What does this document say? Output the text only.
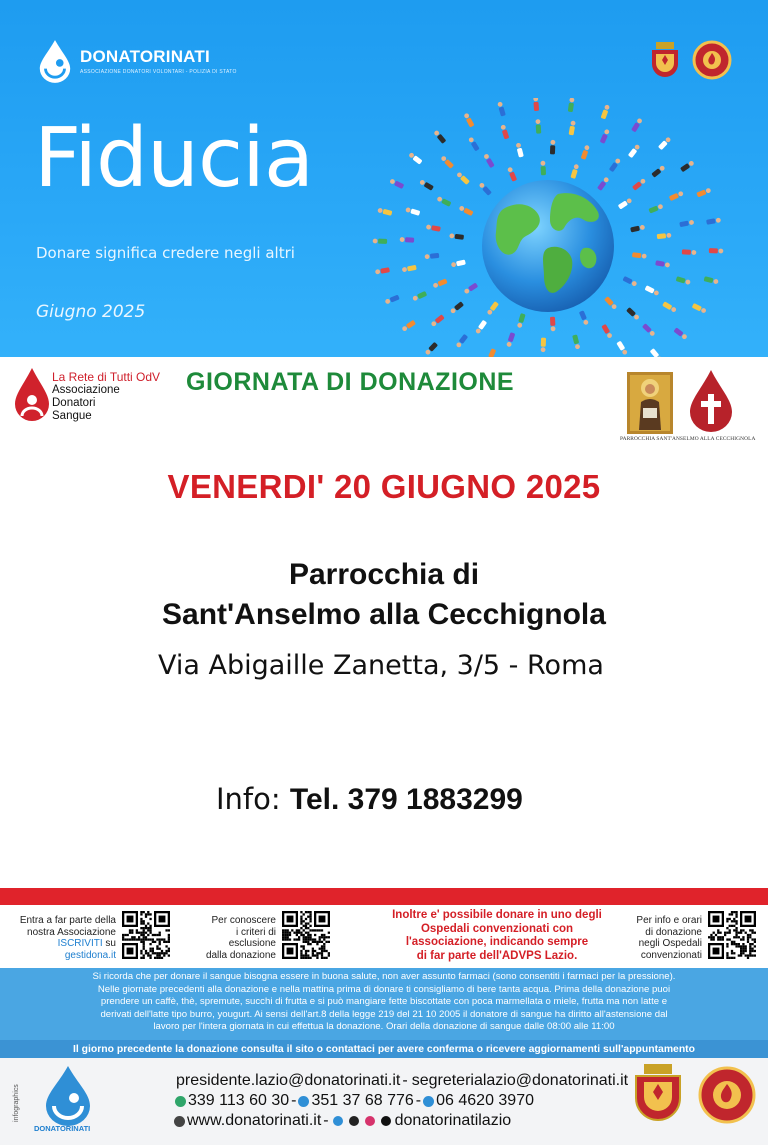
DONATORINATI
ASSOCIAZIONE DONATORI VOLONTARI - POLIZIA DI STATO
Fiducia
Donare significa credere negli altri
Giugno 2025
La Rete di Tutti OdV
Associazione
Donatori
Sangue
GIORNATA DI DONAZIONE
PARROCCHIA SANT'ANSELMO ALLA CECCHIGNOLA
VENERDI' 20 GIUGNO 2025
Parrocchia di
Sant'Anselmo alla Cecchignola
Via Abigaille Zanetta, 3/5 - Roma
Info: Tel. 379 1883299
Entra a far parte della
nostra Associazione
ISCRIVITI su
gestidona.it
Per conoscere
i criteri di
esclusione
dalla donazione
Inoltre e' possibile donare in uno degli
Ospedali convenzionati con
l'associazione, indicando sempre
di far parte dell'ADVPS Lazio.
Per info e orari
di donazione
negli Ospedali
convenzionati
Si ricorda che per donare il sangue bisogna essere in buona salute, non aver assunto farmaci (sono consentiti i farmaci per la pressione).
Nelle giornate precedenti alla donazione e nella mattina prima di donare ti consigliamo di bere tanta acqua. Prima della donazione puoi
prendere un caffè, thè, spremute, succhi di frutta e si può mangiare fette biscottate con poca marmellata o miele, frutta ma non latte e
derivati dell'latte tipo burro, yougurt. Ai sensi dell'art.8 della legge 219 del 21 10 2005 il donatore di sangue ha diritto all'astensione dal
lavoro per l'intera giornata in cui effettua la donazione. Orari della donazione di sangue dalle 08:00 alle 11:00
Il giorno precedente la donazione consulta il sito o contattaci per avere conferma o ricevere aggiornamenti sull'appuntamento
infographics
DONATORINATI
presidente.lazio@donatorinati.it - segreterialazio@donatorinati.it
339 113 60 30 - 351 37 68 776 - 06 4620 3970
www.donatorinati.it -	donatorinatilazio
